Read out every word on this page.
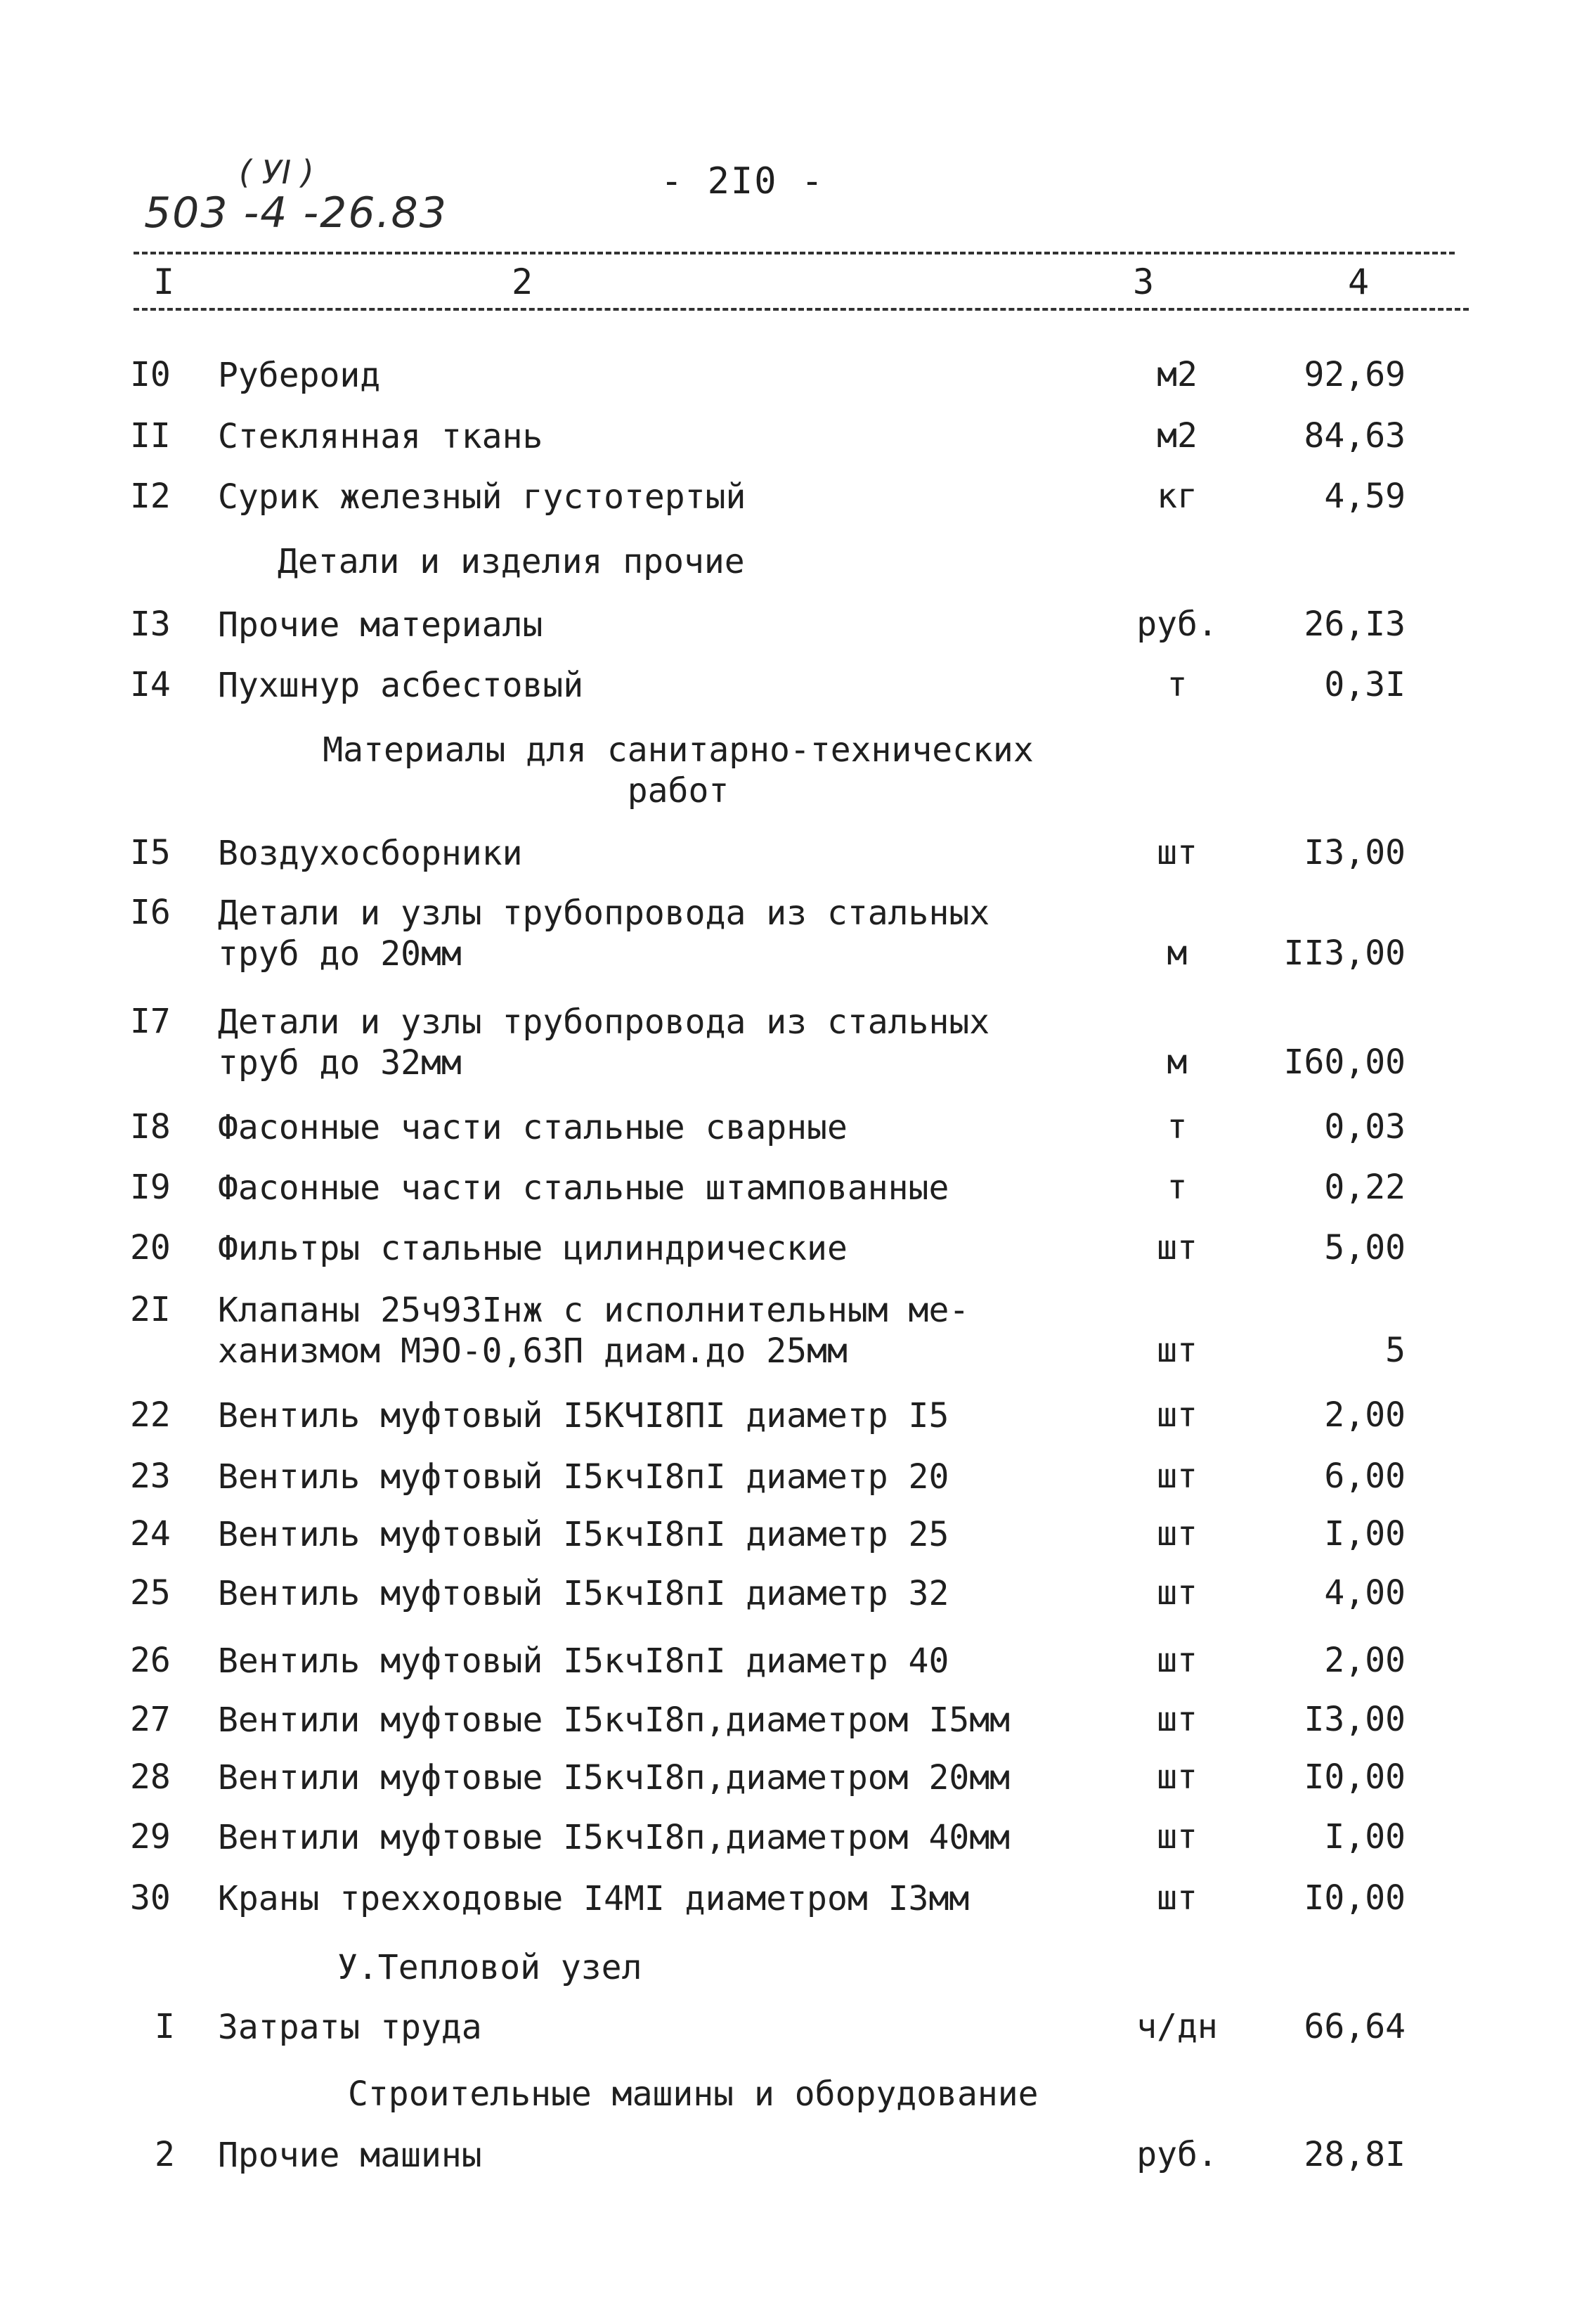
( УI )
503 -4 -26.83
- 2I0 -
I	2	3	4
I0	Рубероид	м2	92,69
II	Стеклянная ткань	м2	84,63
I2	Сурик железный густотертый	кг	4,59
Детали и изделия прочие
I3	Прочие материалы	руб.	26,I3
I4	Пухшнур асбестовый	т	0,3I
Материалы для санитарно-технических
работ
I5	Воздухосборники	шт	I3,00
I6	Детали и узлы трубопровода из стальных
труб до 20мм	м	II3,00
I7	Детали и узлы трубопровода из стальных
труб до 32мм	м	I60,00
I8	Фасонные части стальные сварные	т	0,03
I9	Фасонные части стальные штампованные	т	0,22
20	Фильтры стальные цилиндрические	шт	5,00
2I	Клапаны 25ч93Iнж с исполнительным ме-
ханизмом МЭО-0,63П диам.до 25мм	шт	5
22	Вентиль муфтовый I5КЧI8ПI диаметр I5	шт	2,00
23	Вентиль муфтовый I5кчI8пI диаметр 20	шт	6,00
24	Вентиль муфтовый I5кчI8пI диаметр 25	шт	I,00
25	Вентиль муфтовый I5кчI8пI диаметр 32	шт	4,00
26	Вентиль муфтовый I5кчI8пI диаметр 40	шт	2,00
27	Вентили муфтовые I5кчI8п,диаметром I5мм	шт	I3,00
28	Вентили муфтовые I5кчI8п,диаметром 20мм	шт	I0,00
29	Вентили муфтовые I5кчI8п,диаметром 40мм	шт	I,00
30	Краны трехходовые I4МI диаметром I3мм	шт	I0,00
У.Тепловой узел
I	Затраты труда	ч/дн	66,64
Строительные машины и оборудование
2	Прочие машины	руб.	28,8I
